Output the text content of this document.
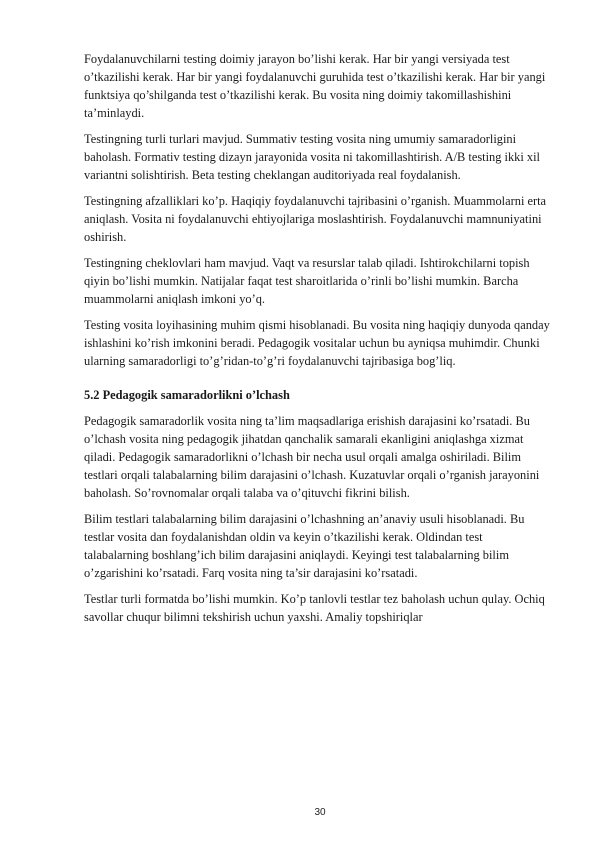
Foydalanuvchilarni testing doimiy jarayon bo’lishi kerak. Har bir yangi versiyada test o’tkazilishi kerak. Har bir yangi foydalanuvchi guruhida test o’tkazilishi kerak. Har bir yangi funktsiya qo’shilganda test o’tkazilishi kerak. Bu vosita ning doimiy takomillashishini ta’minlaydi.

Testingning turli turlari mavjud. Summativ testing vosita ning umumiy samaradorligini baholash. Formativ testing dizayn jarayonida vosita ni takomillashtirish. A/B testing ikki xil variantni solishtirish. Beta testing cheklangan auditoriyada real foydalanish.

Testingning afzalliklari ko’p. Haqiqiy foydalanuvchi tajribasini o’rganish. Muammolarni erta aniqlash. Vosita ni foydalanuvchi ehtiyojlariga moslashtirish. Foydalanuvchi mamnuniyatini oshirish.

Testingning cheklovlari ham mavjud. Vaqt va resurslar talab qiladi. Ishtirokchilarni topish qiyin bo’lishi mumkin. Natijalar faqat test sharoitlarida o’rinli bo’lishi mumkin. Barcha muammolarni aniqlash imkoni yo’q.

Testing vosita loyihasining muhim qismi hisoblanadi. Bu vosita ning haqiqiy dunyoda qanday ishlashini ko’rish imkonini beradi. Pedagogik vositalar uchun bu ayniqsa muhimdir. Chunki ularning samaradorligi to’g’ridan-to’g’ri foydalanuvchi tajribasiga bog’liq.

5.2 Pedagogik samaradorlikni o’lchash

Pedagogik samaradorlik vosita ning ta’lim maqsadlariga erishish darajasini ko’rsatadi. Bu o’lchash vosita ning pedagogik jihatdan qanchalik samarali ekanligini aniqlashga xizmat qiladi. Pedagogik samaradorlikni o’lchash bir necha usul orqali amalga oshiriladi. Bilim testlari orqali talabalarning bilim darajasini o’lchash. Kuzatuvlar orqali o’rganish jarayonini baholash. So’rovnomalar orqali talaba va o’qituvchi fikrini bilish.

Bilim testlari talabalarning bilim darajasini o’lchashning an’anaviy usuli hisoblanadi. Bu testlar vosita dan foydalanishdan oldin va keyin o’tkazilishi kerak. Oldindan test talabalarning boshlang’ich bilim darajasini aniqlaydi. Keyingi test talabalarning bilim o’zgarishini ko’rsatadi. Farq vosita ning ta’sir darajasini ko’rsatadi.

Testlar turli formatda bo’lishi mumkin. Ko’p tanlovli testlar tez baholash uchun qulay. Ochiq savollar chuqur bilimni tekshirish uchun yaxshi. Amaliy topshiriqlar

30
